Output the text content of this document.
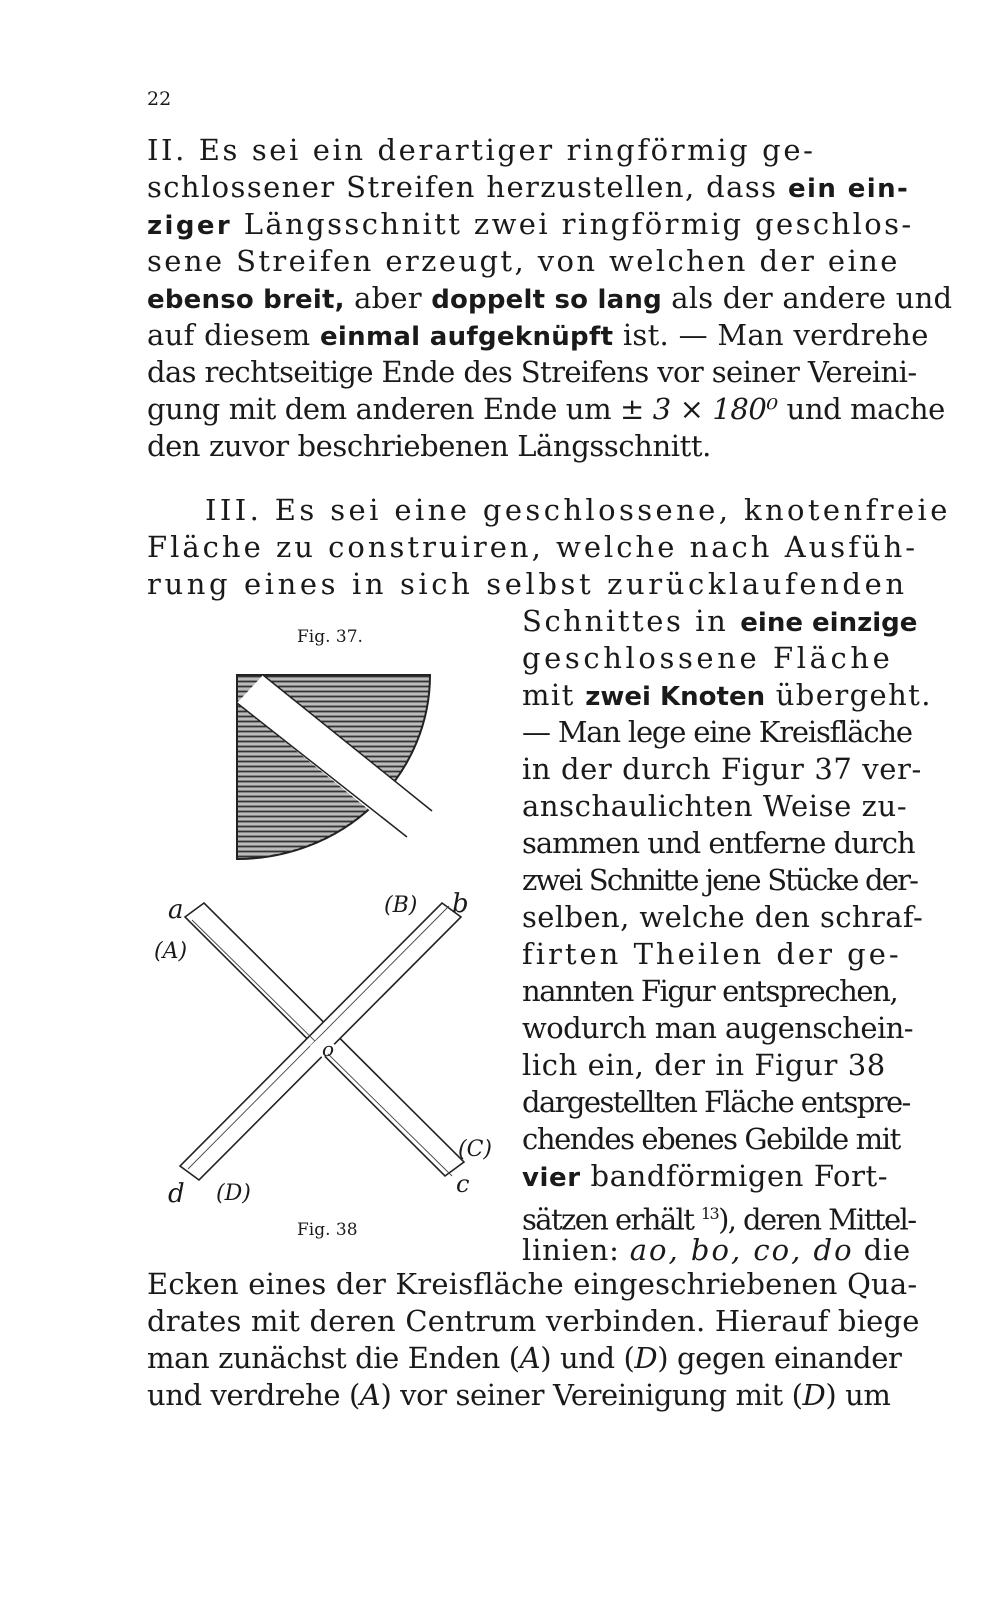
22
II. Es sei ein derartiger ringförmig ge-
schlossener Streifen herzustellen, dass ein ein-
ziger Längsschnitt zwei ringförmig geschlos-
sene Streifen erzeugt, von welchen der eine
ebenso breit, aber doppelt so lang als der andere und
auf diesem einmal aufgeknüpft ist. — Man verdrehe
das rechtseitige Ende des Streifens vor seiner Vereini-
gung mit dem anderen Ende um ± 3 × 180⁰ und mache
den zuvor beschriebenen Längsschnitt.
III. Es sei eine geschlossene, knotenfreie
Fläche zu construiren, welche nach Ausfüh-
rung eines in sich selbst zurücklaufenden
Schnittes in eine einzige
geschlossene Fläche
mit zwei Knoten übergeht.
— Man lege eine Kreisfläche
in der durch Figur 37 ver-
anschaulichten Weise zu-
sammen und entferne durch
zwei Schnitte jene Stücke der-
selben, welche den schraf-
firten Theilen der ge-
nannten Figur entsprechen,
wodurch man augenschein-
lich ein, der in Figur 38
dargestellten Fläche entspre-
chendes ebenes Gebilde mit
vier bandförmigen Fort-
sätzen erhält $^{13}$), deren Mittel-
linien: ao, bo, co, do die
Ecken eines der Kreisfläche eingeschriebenen Qua-
drates mit deren Centrum verbinden. Hierauf biege
man zunächst die Enden (A) und (D) gegen einander
und verdrehe (A) vor seiner Vereinigung mit (D) um
Fig. 37.
a
(A)
(B) b
o
(C)
c
d (D)
Fig. 38
